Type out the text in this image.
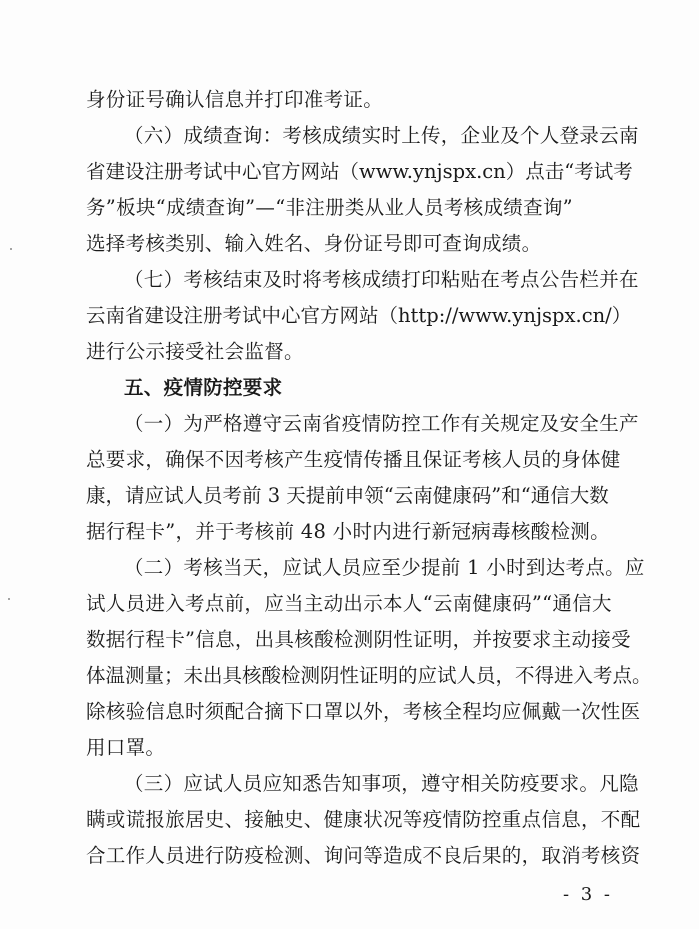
身份证号确认信息并打印准考证。
（六）成绩查询：考核成绩实时上传，企业及个人登录云南
省建设注册考试中心官方网站（www.ynjspx.cn）点击“考试考
务”板块“成绩查询”—“非注册类从业人员考核成绩查询”
选择考核类别、输入姓名、身份证号即可查询成绩。
（七）考核结束及时将考核成绩打印粘贴在考点公告栏并在
云南省建设注册考试中心官方网站（http://www.ynjspx.cn/）
进行公示接受社会监督。
五、疫情防控要求
（一）为严格遵守云南省疫情防控工作有关规定及安全生产
总要求，确保不因考核产生疫情传播且保证考核人员的身体健
康，请应试人员考前 3 天提前申领“云南健康码”和“通信大数
据行程卡”，并于考核前 48 小时内进行新冠病毒核酸检测。
（二）考核当天，应试人员应至少提前 1 小时到达考点。应
试人员进入考点前，应当主动出示本人“云南健康码”“通信大
数据行程卡”信息，出具核酸检测阴性证明，并按要求主动接受
体温测量；未出具核酸检测阴性证明的应试人员，不得进入考点。
除核验信息时须配合摘下口罩以外，考核全程均应佩戴一次性医
用口罩。
（三）应试人员应知悉告知事项，遵守相关防疫要求。凡隐
瞒或谎报旅居史、接触史、健康状况等疫情防控重点信息，不配
合工作人员进行防疫检测、询问等造成不良后果的，取消考核资
- 3 -
